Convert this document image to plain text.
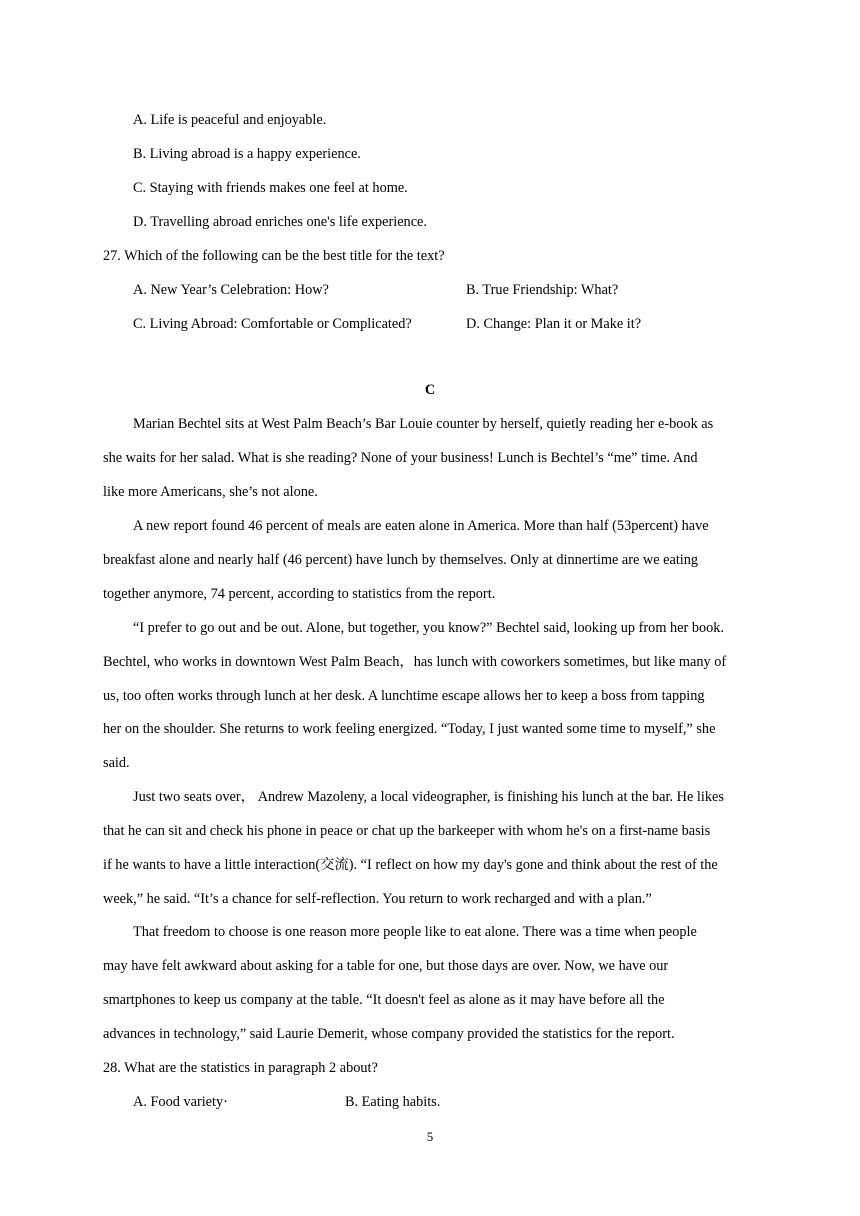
A. Life is peaceful and enjoyable.
B. Living abroad is a happy experience.
C. Staying with friends makes one feel at home.
D. Travelling abroad enriches one's life experience.
27. Which of the following can be the best title for the text?
A. New Year’s Celebration: How?	B. True Friendship: What?
C. Living Abroad: Comfortable or Complicated?	D. Change: Plan it or Make it?
C
Marian Bechtel sits at West Palm Beach’s Bar Louie counter by herself, quietly reading her e-book as
she waits for her salad. What is she reading? None of your business! Lunch is Bechtel’s “me” time. And
like more Americans, she’s not alone.
A new report found 46 percent of meals are eaten alone in America. More than half (53percent) have
breakfast alone and nearly half (46 percent) have lunch by themselves. Only at dinnertime are we eating
together anymore, 74 percent, according to statistics from the report.
“I prefer to go out and be out. Alone, but together, you know?” Bechtel said, looking up from her book.
Bechtel, who works in downtown West Palm Beach，has lunch with coworkers sometimes, but like many of
us, too often works through lunch at her desk. A lunchtime escape allows her to keep a boss from tapping
her on the shoulder. She returns to work feeling energized. “Today, I just wanted some time to myself,” she
said.
Just two seats over， Andrew Mazoleny, a local videographer, is finishing his lunch at the bar. He likes
that he can sit and check his phone in peace or chat up the barkeeper with whom he's on a first-name basis
if he wants to have a little interaction(交流). “I reflect on how my day's gone and think about the rest of the
week,” he said. “It’s a chance for self-reflection. You return to work recharged and with a plan.”
That freedom to choose is one reason more people like to eat alone. There was a time when people
may have felt awkward about asking for a table for one, but those days are over. Now, we have our
smartphones to keep us company at the table. “It doesn't feel as alone as it may have before all the
advances in technology,” said Laurie Demerit, whose company provided the statistics for the report.
28. What are the statistics in paragraph 2 about?
A. Food variety·	B. Eating habits.
5
